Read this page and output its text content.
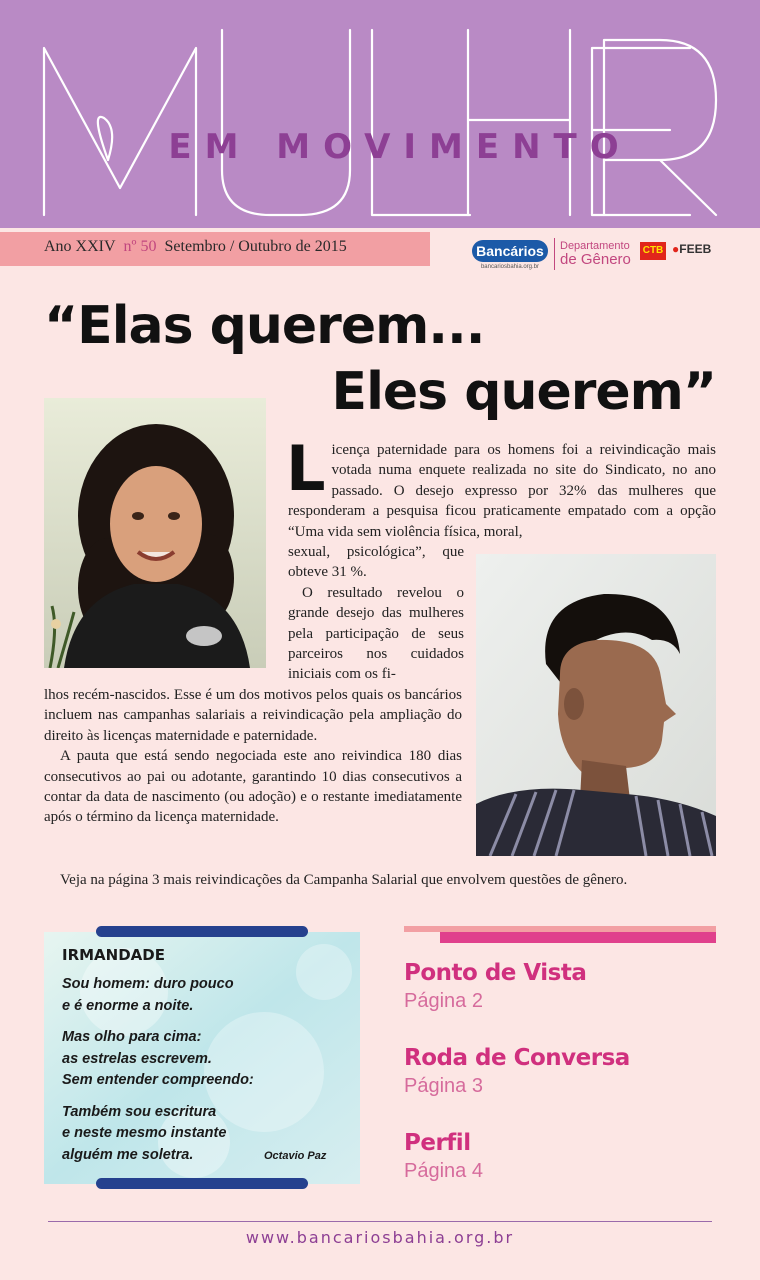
EM MOVIMENTO
Ano XXIV nº 50 Setembro / Outubro de 2015	Bancários
bancariosbahia.org.br
Departamento
de Gênero
CTB ●FEEB
“Elas querem...
Eles querem”
Licença paternidade para os homens foi a reivindicação mais votada numa enquete realizada no site do Sindicato, no ano passado. O desejo expresso por 32% das mulheres que responderam a pesquisa ficou praticamente empatado com a opção “Uma vida sem violência física, moral,
sexual, psicológica”, que obteve 31 %.
O resultado revelou o grande desejo das mulheres pela participação de seus parceiros nos cuidados iniciais com os fi-

lhos recém-nascidos. Esse é um dos motivos pelos quais os bancários incluem nas campanhas salariais a reivindicação pela ampliação do direito às licenças maternidade e paternidade.

A pauta que está sendo negociada este ano reivindica 180 dias consecutivos ao pai ou adotante, garantindo 10 dias consecutivos a contar da data de nascimento (ou adoção) e o restante imediatamente após o término da licença maternidade.

Veja na página 3 mais reivindicações da Campanha Salarial que envolvem questões de gênero.
IRMANDADE
Sou homem: duro pouco
e é enorme a noite.
Mas olho para cima:
as estrelas escrevem.
Sem entender compreendo:
Também sou escritura
e neste mesmo instante
alguém me soletra.	Octavio Paz
Ponto de Vista
Página 2
Roda de Conversa
Página 3
Perfil
Página 4
www.bancariosbahia.org.br
